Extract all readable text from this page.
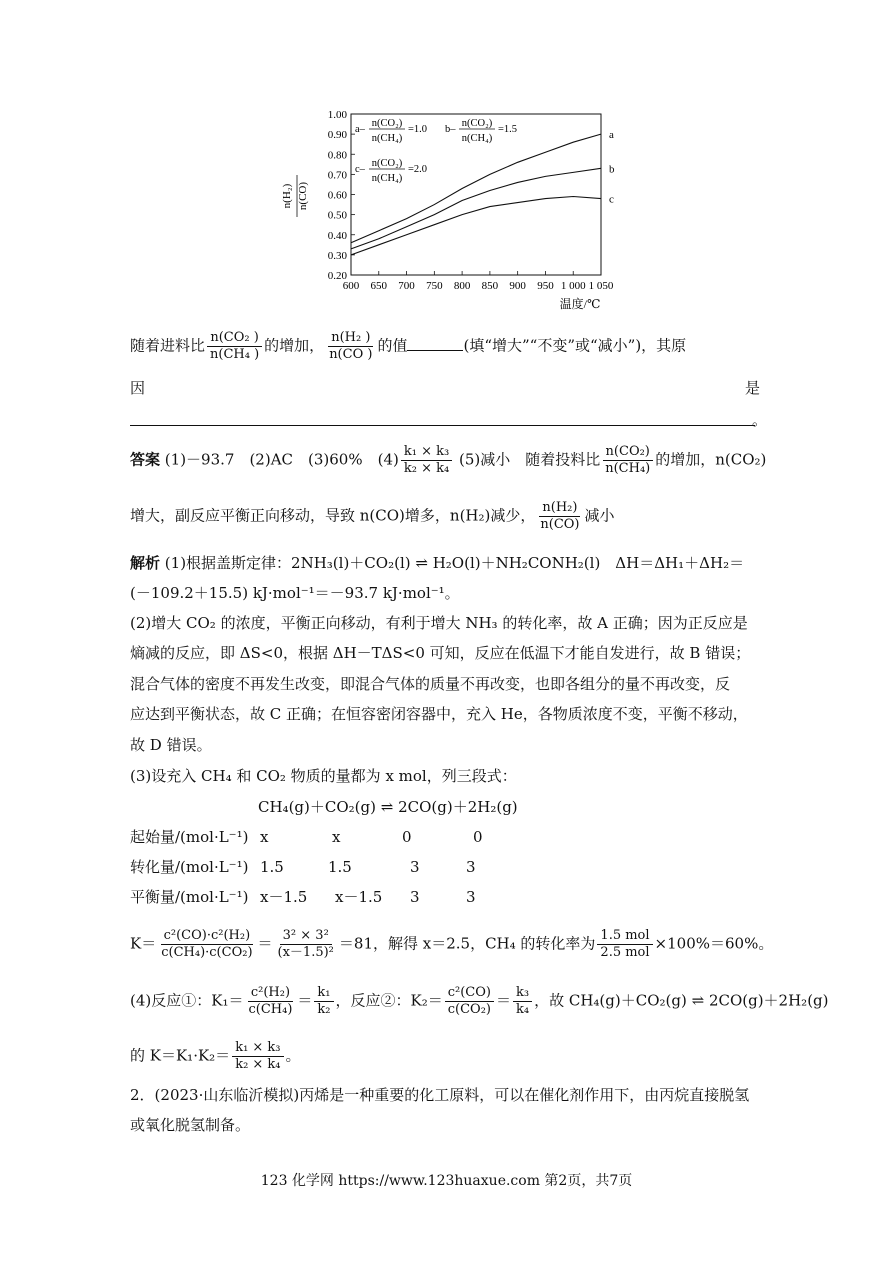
n(H₂) n(CO)
0.20
0.30
0.40
0.50
0.60
0.70
0.80
0.90
1.00
600 650 700 750 800 850 900 950 1 000 1 050
a
b
c
a–
n(CO₂)
n(CH₄)
=1.0 b–
n(CO₂)
n(CH₄)
=1.5
c–
n(CO₂)
n(CH₄)
=2.0
温度/℃
随着进料比 $\frac{\text{n(CO₂ )}}{\text{n(CH₄ )}}$ 的增加， $\frac{\text{n(H₂ )}}{n(CO )}$ 的值	(填“增大”“不变”或“减小”)，其原
因	是
。
答案 (1)－93.7　(2)AC　(3)60%　$(4) \frac{\text{k₁ × k₃}}{\text{k₂ × k₄}} (5)$减小　随着投料比 $\frac{\text{n(CO₂)}}{\text{n(CH₄)}}$ 的增加，n(CO₂)
增大，副反应平衡正向移动，导致 n(CO)增多，n(H₂)减少， $\frac{\text{n(H₂)}}{n(CO)}$ 减小
解析 (1)根据盖斯定律：2NH₃(l)＋CO₂(l) ⇌ H₂O(l)＋NH₂CONH₂(l)　ΔH＝ΔH₁＋ΔH₂＝
(－109.2＋15.5) kJ·mol⁻¹＝－93.7 kJ·mol⁻¹。
(2)增大 CO₂ 的浓度，平衡正向移动，有利于增大 NH₃ 的转化率，故 A 正确；因为正反应是
熵减的反应，即 ΔS<0，根据 ΔH－TΔS<0 可知，反应在低温下才能自发进行，故 B 错误；
混合气体的密度不再发生改变，即混合气体的质量不再改变，也即各组分的量不再改变，反
应达到平衡状态，故 C 正确；在恒容密闭容器中，充入 He，各物质浓度不变，平衡不移动，
故 D 错误。
(3)设充入 CH₄ 和 CO₂ 物质的量都为 x mol，列三段式：
CH₄(g)＋CO₂(g) ⇌ 2CO(g)＋2H₂(g)
起始量/(mol·L⁻¹) x	x	0	0
转化量/(mol·L⁻¹) 1.5	1.5	3	3
平衡量/(mol·L⁻¹) x－1.5 x－1.5 3	3
$K= \frac{\text{c²(CO)·c²(H₂)}}{\text{c(CH₄)·c(CO₂)}} = \frac{\text{3² × 3²}}{\text{(x－1.5)²}} =81$，解得 x＝2.5，CH₄ 的转化率为 $\frac{\text{1.5 mol}}{\text{2.5 mol}} \times 100\%=60\%$。
(4)反应①：$K_1= \frac{\text{c²(H₂)}}{\text{c(CH₄)}} = \frac{\text{k₁}}{\text{k₂}}$ ，反应②：$K_2= \frac{\text{c²(CO)}}{\text{c(CO₂)}} = \frac{\text{k₃}}{\text{k₄}}$ ，故 CH₄(g)＋CO₂(g) ⇌ 2CO(g)＋2H₂(g)
的 $K=K_1\cdot K_2= \frac{\text{k₁ × k₃}}{\text{k₂ × k₄}}$ 。
2．(2023·山东临沂模拟)丙烯是一种重要的化工原料，可以在催化剂作用下，由丙烷直接脱氢
或氧化脱氢制备。
123 化学网 https://www.123huaxue.com 第2页，共7页
